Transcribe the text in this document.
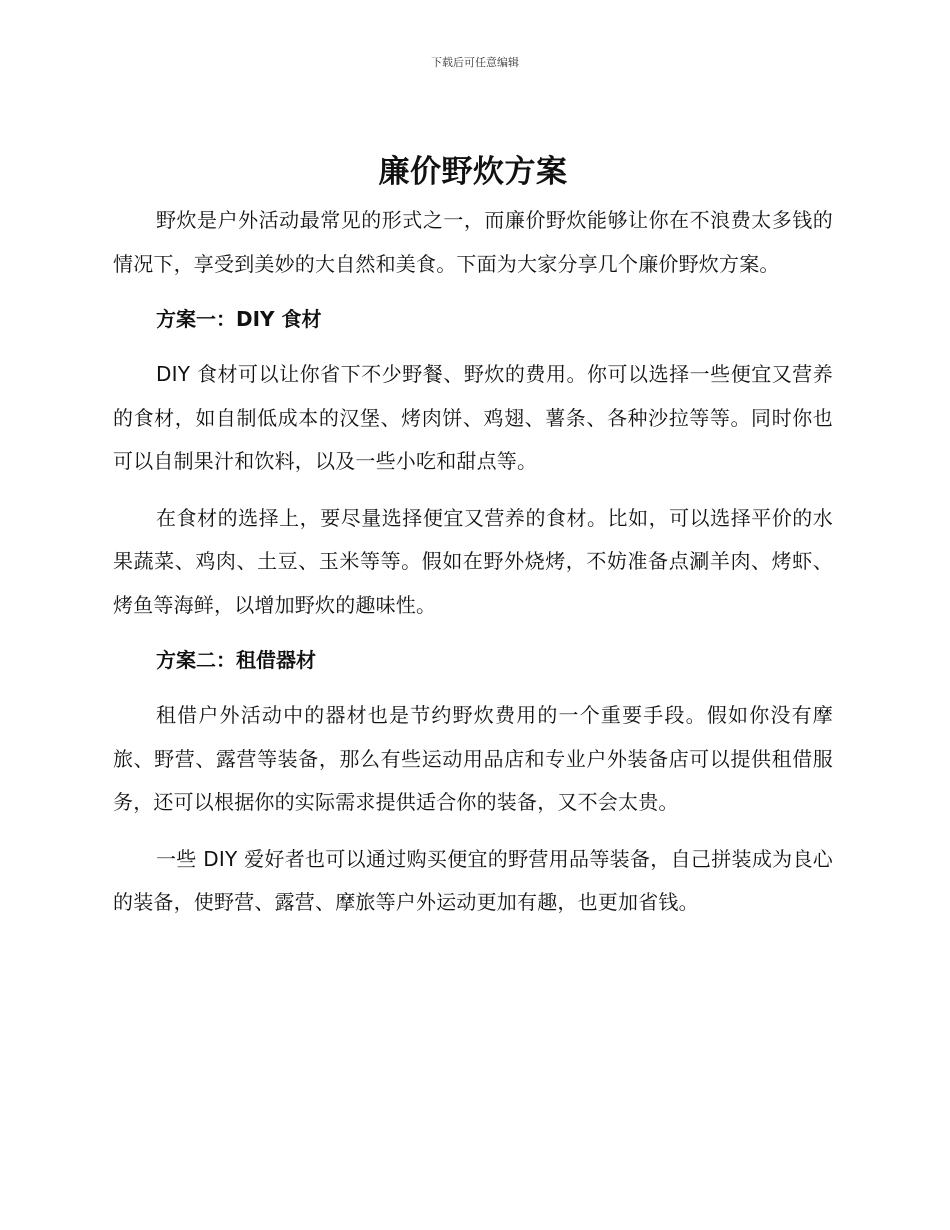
下载后可任意编辑
廉价野炊方案

野炊是户外活动最常见的形式之一，而廉价野炊能够让你在不浪费太多钱的情况下，享受到美妙的大自然和美食。下面为大家分享几个廉价野炊方案。

方案一：DIY 食材

DIY 食材可以让你省下不少野餐、野炊的费用。你可以选择一些便宜又营养的食材，如自制低成本的汉堡、烤肉饼、鸡翅、薯条、各种沙拉等等。同时你也可以自制果汁和饮料，以及一些小吃和甜点等。

在食材的选择上，要尽量选择便宜又营养的食材。比如，可以选择平价的水果蔬菜、鸡肉、土豆、玉米等等。假如在野外烧烤，不妨准备点涮羊肉、烤虾、烤鱼等海鲜，以增加野炊的趣味性。

方案二：租借器材

租借户外活动中的器材也是节约野炊费用的一个重要手段。假如你没有摩旅、野营、露营等装备，那么有些运动用品店和专业户外装备店可以提供租借服务，还可以根据你的实际需求提供适合你的装备，又不会太贵。

一些 DIY 爱好者也可以通过购买便宜的野营用品等装备，自己拼装成为良心的装备，使野营、露营、摩旅等户外运动更加有趣，也更加省钱。
